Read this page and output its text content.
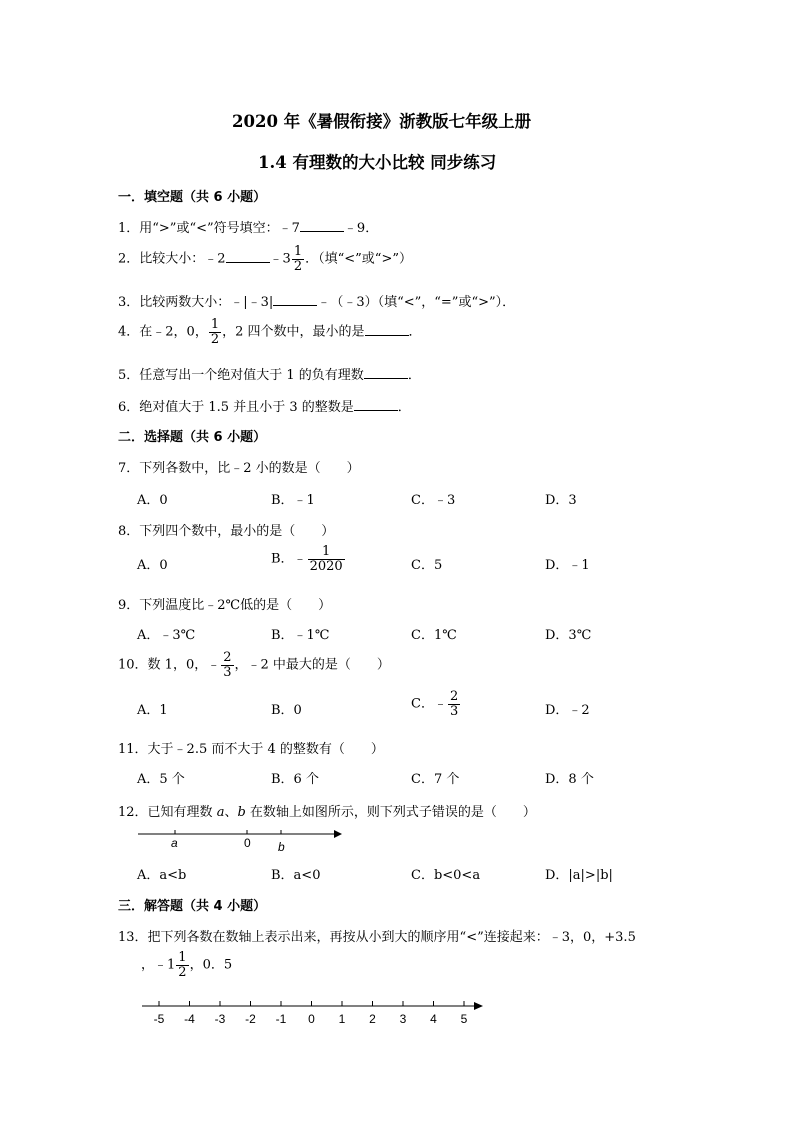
2020 年《暑假衔接》浙教版七年级上册
1.4 有理数的大小比较 同步练习
一．填空题（共 6 小题）
1．用“>”或“<”符号填空：﹣7	﹣9．
2．比较大小：﹣2	﹣3 $\frac{1}{2}$ ．（填“<”或“>”）
3．比较两数大小：﹣|﹣3|	﹣（﹣3）（填“<”，“=”或“>”）．
4．在﹣2，0， $\frac{1}{2}$ ，2 四个数中，最小的是	．
5．任意写出一个绝对值大于 1 的负有理数	．
6．绝对值大于 1.5 并且小于 3 的整数是	．
二．选择题（共 6 小题）
7．下列各数中，比﹣2 小的数是（　　）
A．0	B．﹣1	C．﹣3	D．3
8．下列四个数中，最小的是（　　）
A．0	B．﹣ $\frac{1}{2020}$	C．5	D．﹣1
9．下列温度比﹣2℃低的是（　　）
A．﹣3℃	B．﹣1℃	C．1℃	D．3℃
10．数 1，0，﹣ $\frac{2}{3}$ ，﹣2 中最大的是（　　）
A．1	B．0	C．﹣ $\frac{2}{3}$	D．﹣2
11．大于﹣2.5 而不大于 4 的整数有（　　）
A．5 个	B．6 个	C．7 个	D．8 个
12．已知有理数 a、b 在数轴上如图所示，则下列式子错误的是（　　）
a	0 b
A．a<b	B．a<0	C．b<0<a	D．|a|>|b|
三．解答题（共 4 小题）
13．把下列各数在数轴上表示出来，再按从小到大的顺序用“<”连接起来：﹣3，0，+3.5
，﹣1 $\frac{1}{2}$ ，0．5
-5 -4 -3 -2 -1 0 1 2 3 4 5
